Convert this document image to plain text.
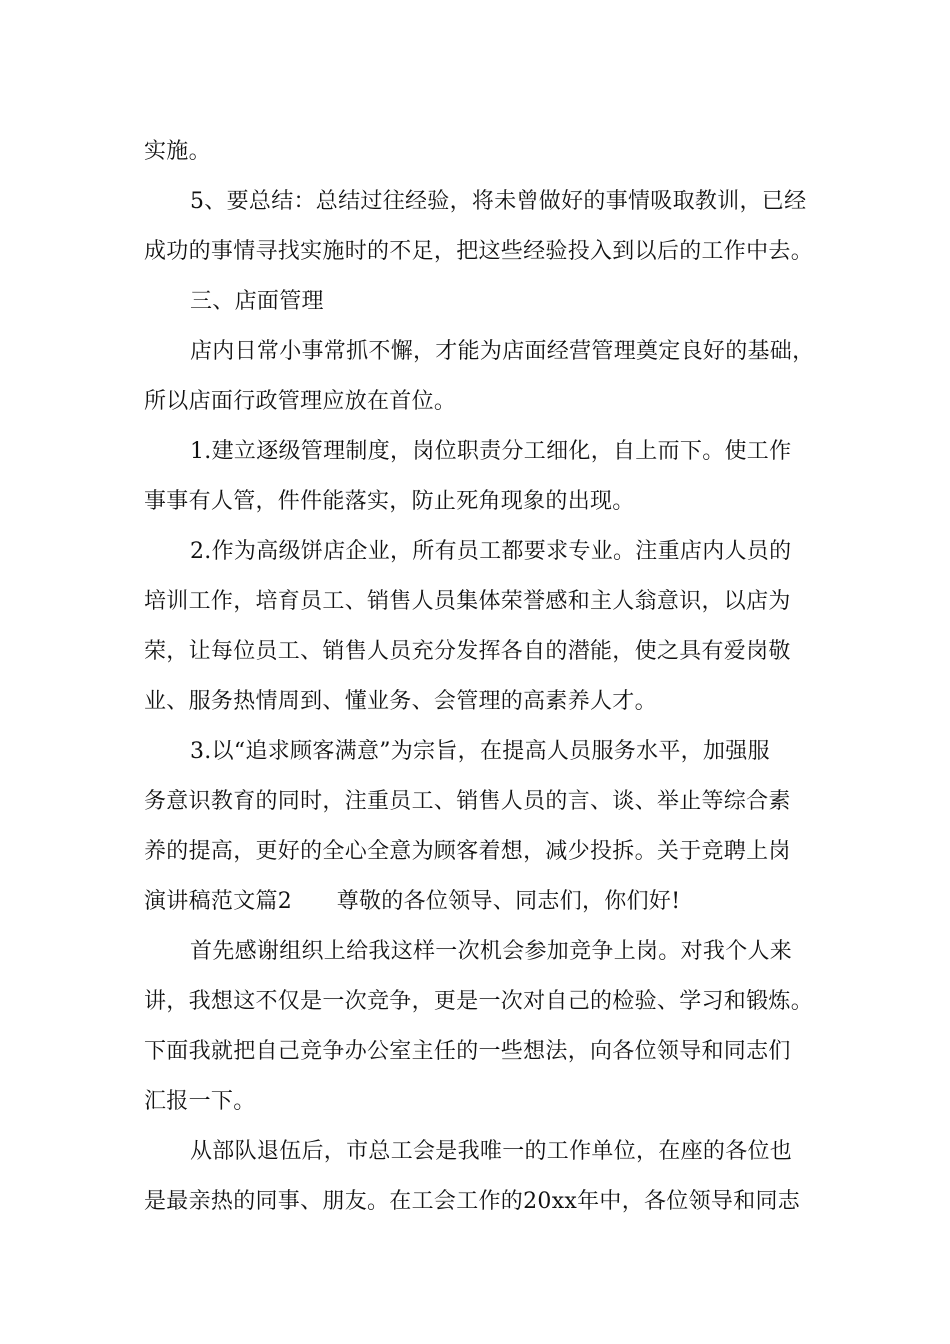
实施。
5、要总结：总结过往经验，将未曾做好的事情吸取教训，已经
成功的事情寻找实施时的不足，把这些经验投入到以后的工作中去。
三、店面管理
店内日常小事常抓不懈，才能为店面经营管理奠定良好的基础，
所以店面行政管理应放在首位。
1.建立逐级管理制度，岗位职责分工细化，自上而下。使工作
事事有人管，件件能落实，防止死角现象的出现。
2.作为高级饼店企业，所有员工都要求专业。注重店内人员的
培训工作，培育员工、销售人员集体荣誉感和主人翁意识，以店为
荣，让每位员工、销售人员充分发挥各自的潜能，使之具有爱岗敬
业、服务热情周到、懂业务、会管理的高素养人才。
3.以“追求顾客满意”为宗旨，在提高人员服务水平，加强服
务意识教育的同时，注重员工、销售人员的言、谈、举止等综合素
养的提高，更好的全心全意为顾客着想，减少投拆。关于竞聘上岗
演讲稿范文篇2　　尊敬的各位领导、同志们，你们好!
首先感谢组织上给我这样一次机会参加竞争上岗。对我个人来
讲，我想这不仅是一次竞争，更是一次对自己的检验、学习和锻炼。
下面我就把自己竞争办公室主任的一些想法，向各位领导和同志们
汇报一下。
从部队退伍后，市总工会是我唯一的工作单位，在座的各位也
是最亲热的同事、朋友。在工会工作的20xx年中，各位领导和同志
